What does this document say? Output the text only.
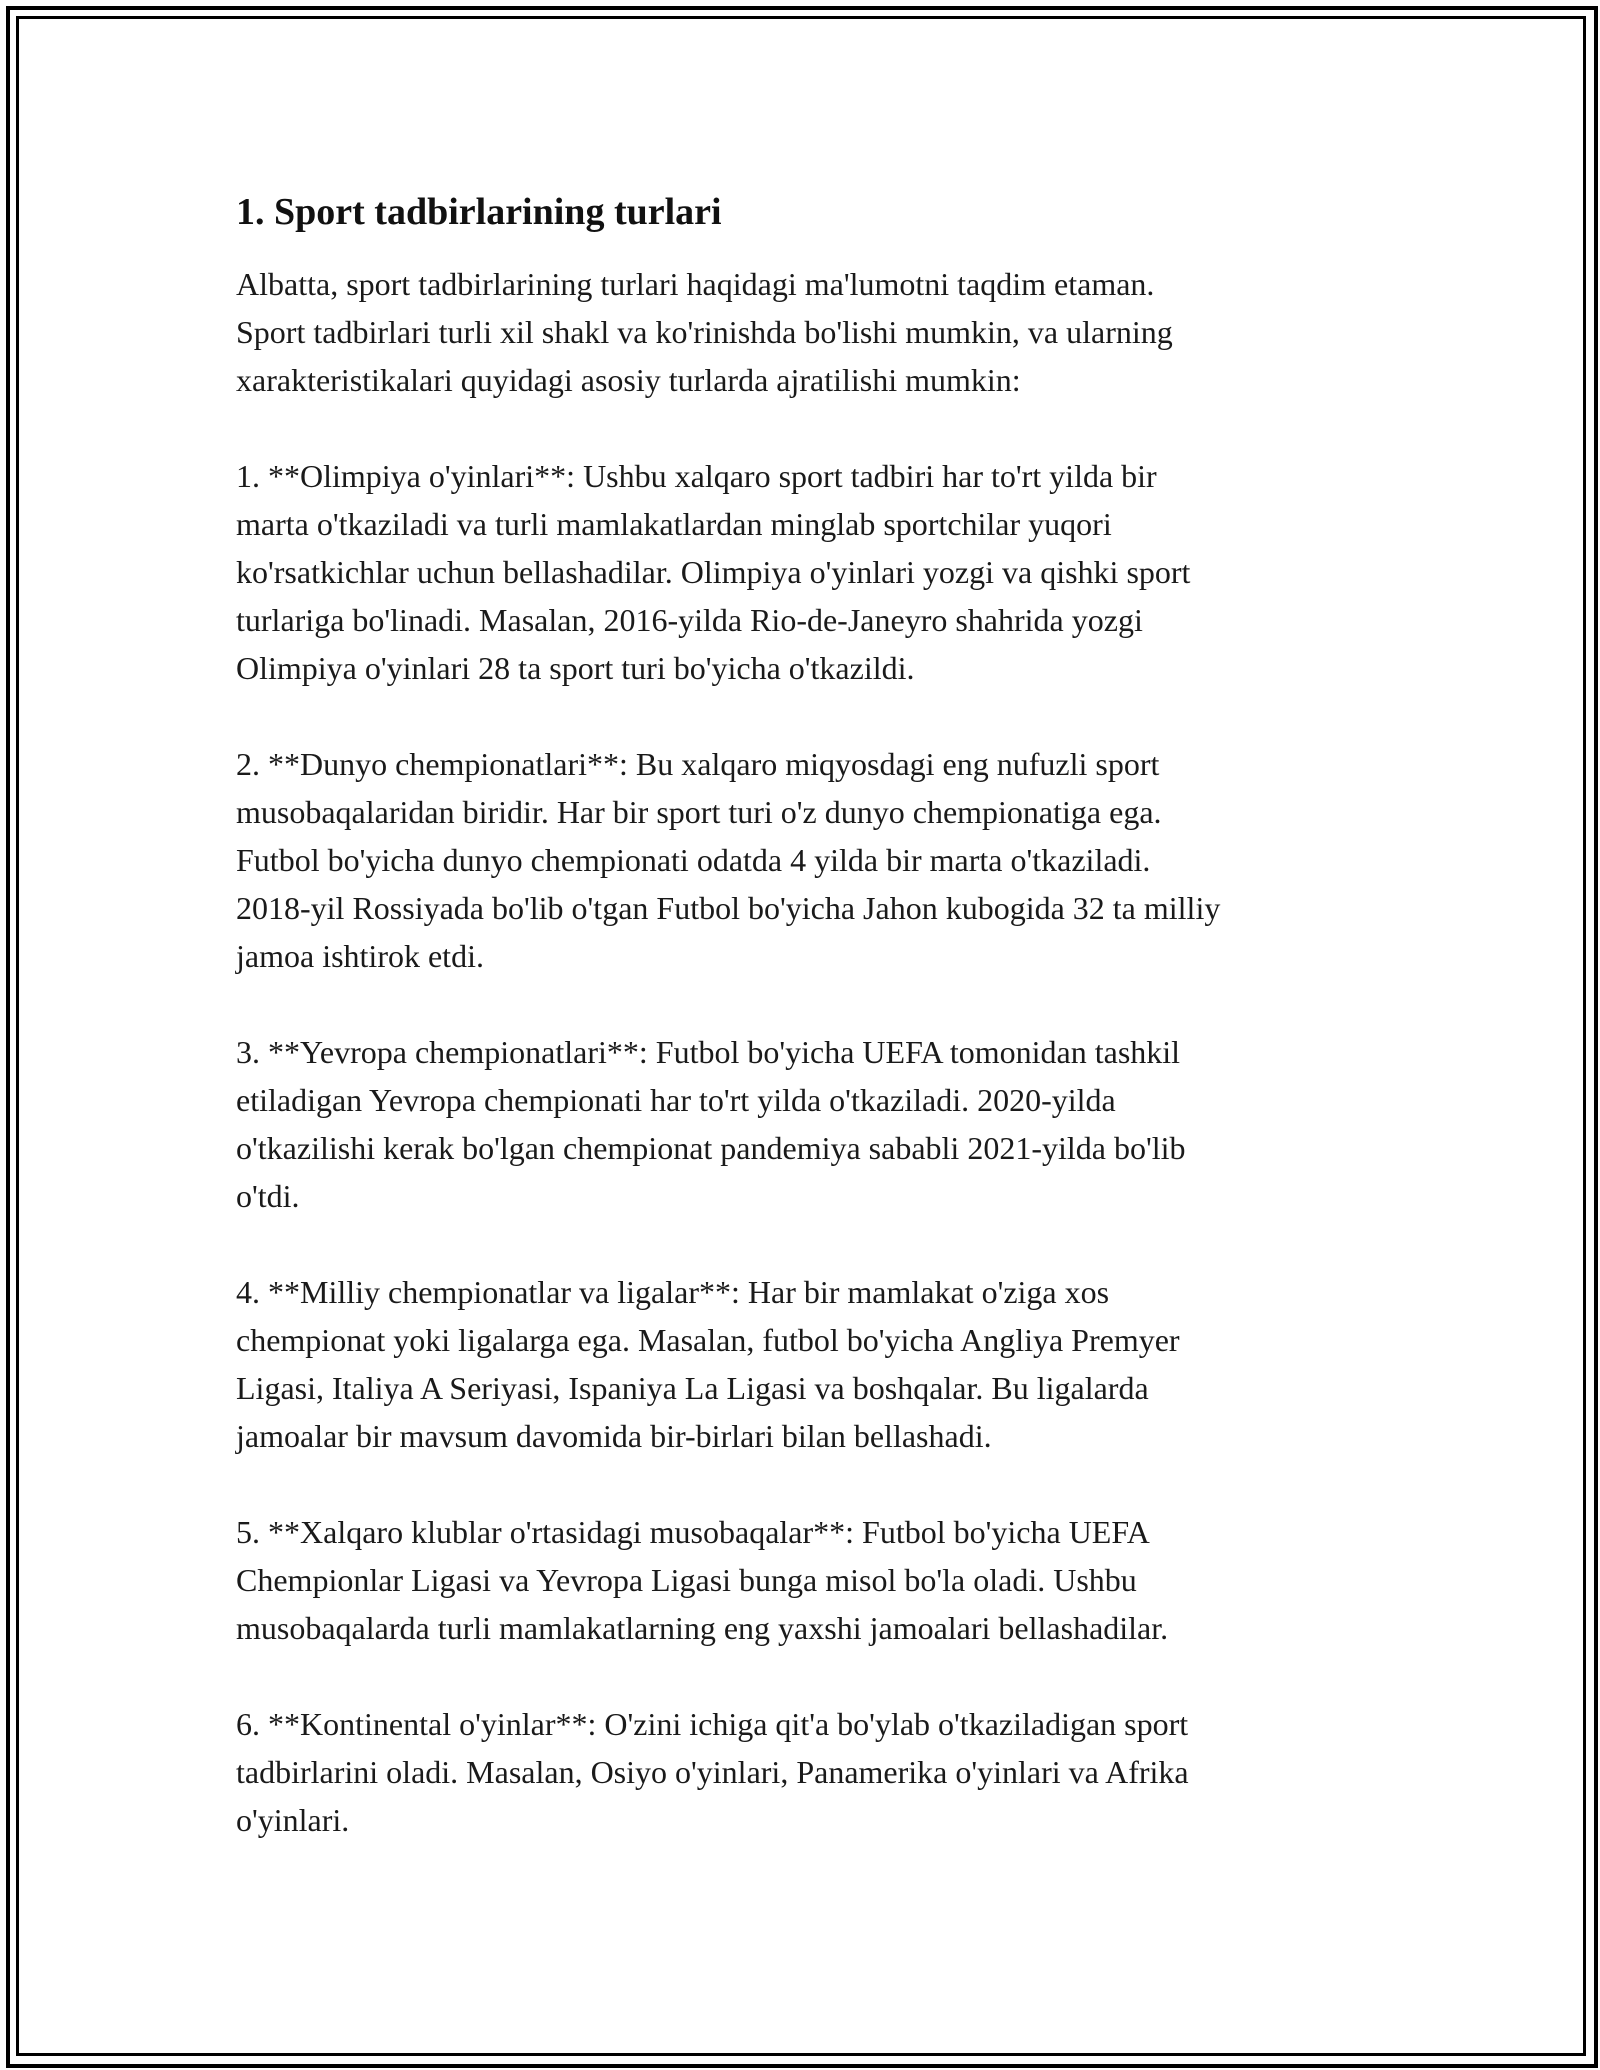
1. Sport tadbirlarining turlari

Albatta, sport tadbirlarining turlari haqidagi ma'lumotni taqdim etaman.
Sport tadbirlari turli xil shakl va ko'rinishda bo'lishi mumkin, va ularning
xarakteristikalari quyidagi asosiy turlarda ajratilishi mumkin:

1. **Olimpiya o'yinlari**: Ushbu xalqaro sport tadbiri har to'rt yilda bir
marta o'tkaziladi va turli mamlakatlardan minglab sportchilar yuqori
ko'rsatkichlar uchun bellashadilar. Olimpiya o'yinlari yozgi va qishki sport
turlariga bo'linadi. Masalan, 2016-yilda Rio-de-Janeyro shahrida yozgi
Olimpiya o'yinlari 28 ta sport turi bo'yicha o'tkazildi.

2. **Dunyo chempionatlari**: Bu xalqaro miqyosdagi eng nufuzli sport
musobaqalaridan biridir. Har bir sport turi o'z dunyo chempionatiga ega.
Futbol bo'yicha dunyo chempionati odatda 4 yilda bir marta o'tkaziladi.
2018-yil Rossiyada bo'lib o'tgan Futbol bo'yicha Jahon kubogida 32 ta milliy
jamoa ishtirok etdi.

3. **Yevropa chempionatlari**: Futbol bo'yicha UEFA tomonidan tashkil
etiladigan Yevropa chempionati har to'rt yilda o'tkaziladi. 2020-yilda
o'tkazilishi kerak bo'lgan chempionat pandemiya sababli 2021-yilda bo'lib
o'tdi.

4. **Milliy chempionatlar va ligalar**: Har bir mamlakat o'ziga xos
chempionat yoki ligalarga ega. Masalan, futbol bo'yicha Angliya Premyer
Ligasi, Italiya A Seriyasi, Ispaniya La Ligasi va boshqalar. Bu ligalarda
jamoalar bir mavsum davomida bir-birlari bilan bellashadi.

5. **Xalqaro klublar o'rtasidagi musobaqalar**: Futbol bo'yicha UEFA
Chempionlar Ligasi va Yevropa Ligasi bunga misol bo'la oladi. Ushbu
musobaqalarda turli mamlakatlarning eng yaxshi jamoalari bellashadilar.

6. **Kontinental o'yinlar**: O'zini ichiga qit'a bo'ylab o'tkaziladigan sport
tadbirlarini oladi. Masalan, Osiyo o'yinlari, Panamerika o'yinlari va Afrika
o'yinlari.
